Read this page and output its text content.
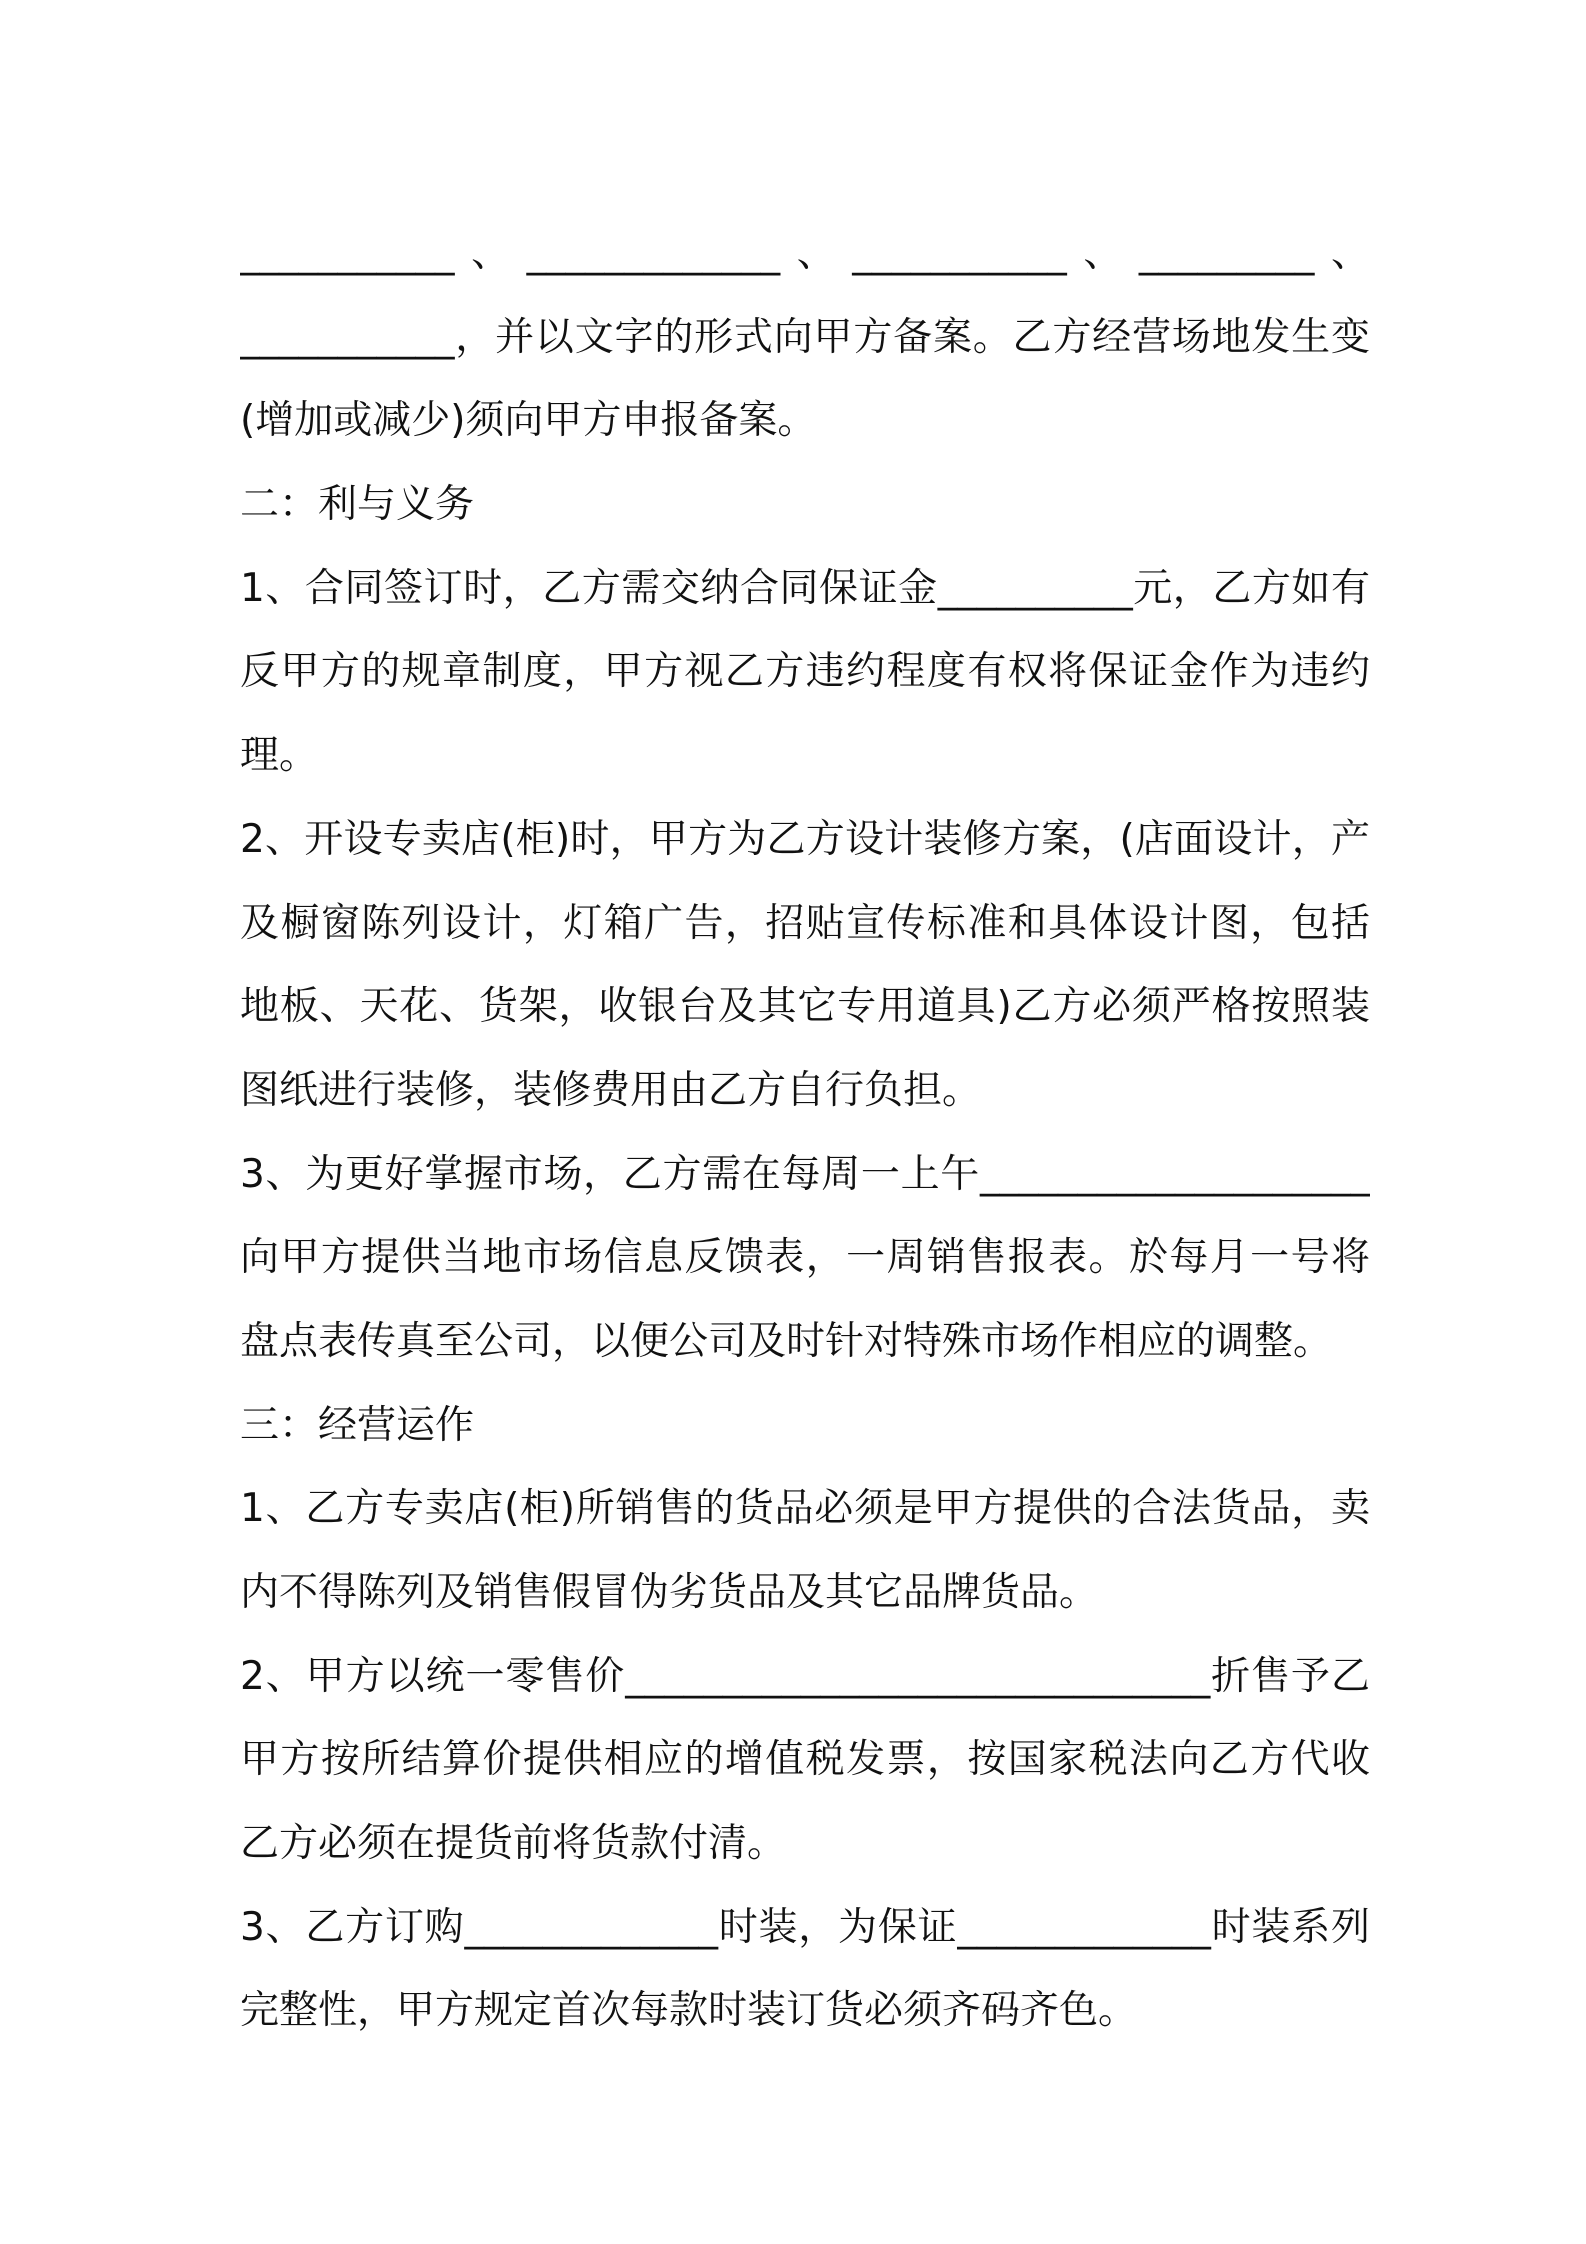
___________、_____________、___________、_________、
___________，并以文字的形式向甲方备案。乙方经营场地发生变
(增加或减少)须向甲方申报备案。
二：利与义务
1、合同签订时，乙方需交纳合同保证金__________元，乙方如有
反甲方的规章制度，甲方视乙方违约程度有权将保证金作为违约
理。
2、开设专卖店(柜)时，甲方为乙方设计装修方案，(店面设计，产
及橱窗陈列设计，灯箱广告，招贴宣传标准和具体设计图，包括
地板、天花、货架，收银台及其它专用道具)乙方必须严格按照装
图纸进行装修，装修费用由乙方自行负担。
3、为更好掌握市场，乙方需在每周一上午____________________
向甲方提供当地市场信息反馈表，一周销售报表。於每月一号将
盘点表传真至公司，以便公司及时针对特殊市场作相应的调整。
三：经营运作
1、乙方专卖店(柜)所销售的货品必须是甲方提供的合法货品，卖
内不得陈列及销售假冒伪劣货品及其它品牌货品。
2、甲方以统一零售价______________________________折售予乙
甲方按所结算价提供相应的增值税发票，按国家税法向乙方代收
乙方必须在提货前将货款付清。
3、乙方订购_____________时装，为保证_____________时装系列
完整性，甲方规定首次每款时装订货必须齐码齐色。
